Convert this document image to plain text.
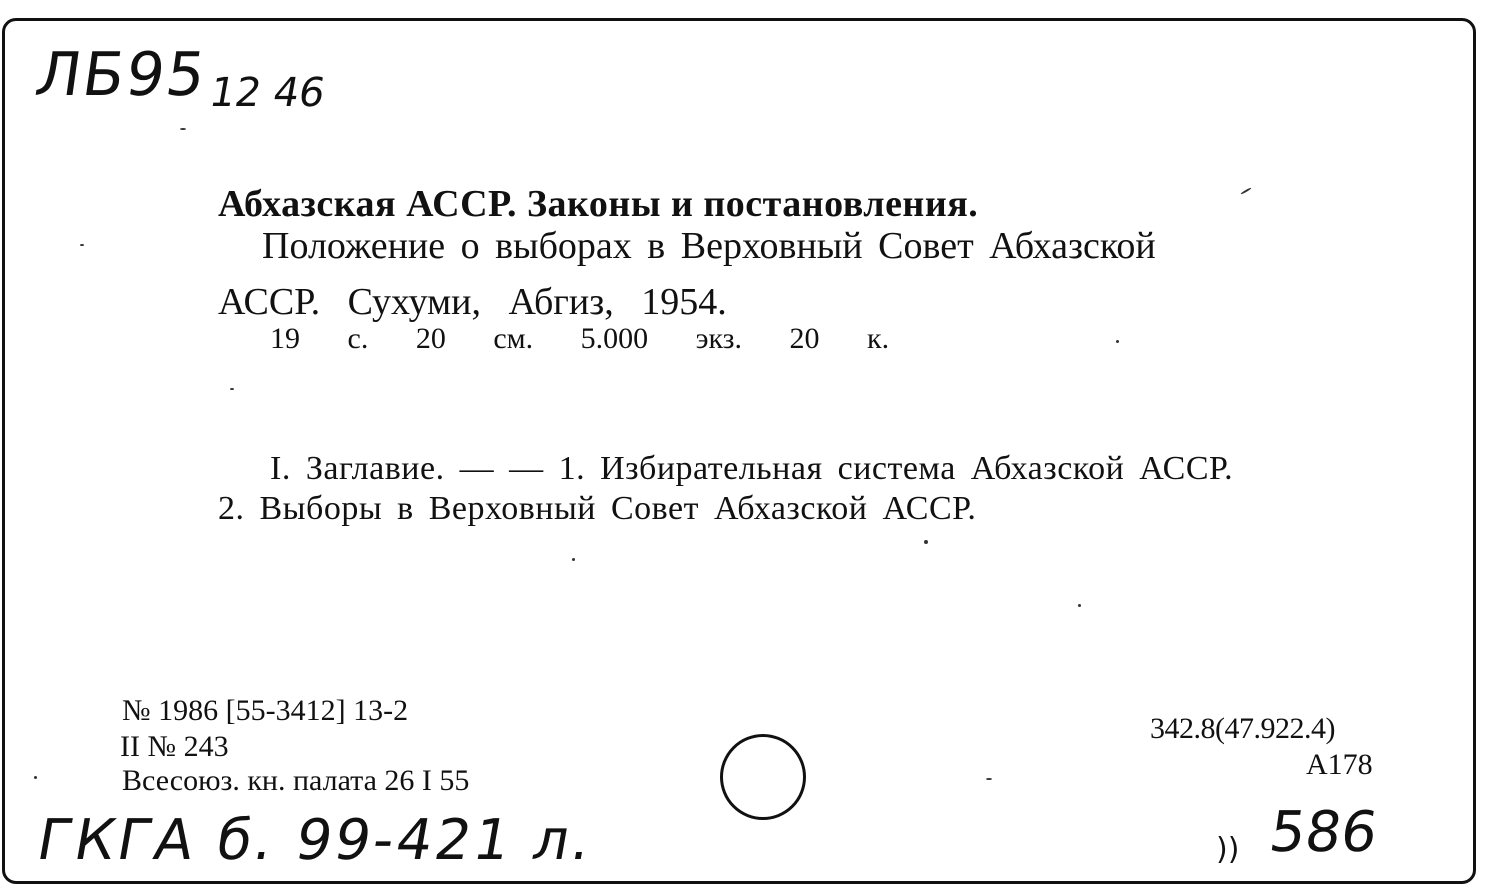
ЛБ95
12 46
Абхазская АССР. Законы и постановления.
Положение о выборах в Верховный Совет Абхазской
АССР. Сухуми, Абгиз, 1954.
19 с. 20 см. 5.000 экз. 20 к.
I. Заглавие. — — 1. Избирательная система Абхазской АССР.
2. Выборы в Верховный Совет Абхазской АССР.
№ 1986 [55-3412] 13-2
II № 243
Всесоюз. кн. палата 26 I 55
342.8(47.922.4)
А178
ГКГА б. 99-421 л.	)) 586
